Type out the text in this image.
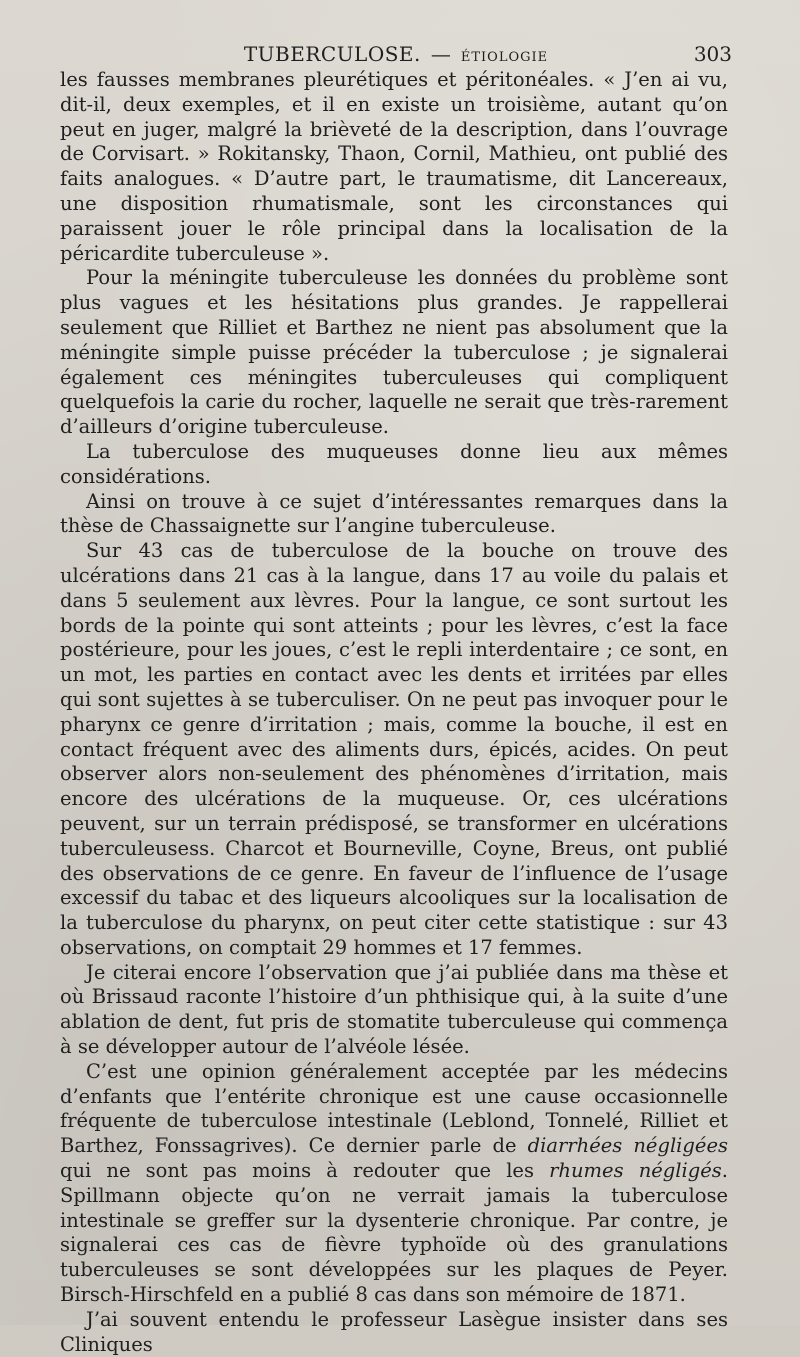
TUBERCULOSE. — ÉTIOLOGIE	303

les fausses membranes pleurétiques et péritonéales. « J’en ai vu, dit-il, deux exemples, et il en existe un troisième, autant qu’on peut en juger, malgré la brièveté de la description, dans l’ouvrage de Corvisart. » Rokitansky, Thaon, Cornil, Mathieu, ont publié des faits analogues. « D’autre part, le traumatisme, dit Lancereaux, une disposition rhumatismale, sont les circonstances qui paraissent jouer le rôle principal dans la localisation de la péricardite tuberculeuse ».

Pour la méningite tuberculeuse les données du problème sont plus vagues et les hésitations plus grandes. Je rappellerai seulement que Rilliet et Barthez ne nient pas absolument que la méningite simple puisse précéder la tuberculose ; je signalerai également ces méningites tuberculeuses qui compliquent quelquefois la carie du rocher, laquelle ne serait que très-rarement d’ailleurs d’origine tuberculeuse.

La tuberculose des muqueuses donne lieu aux mêmes considérations.

Ainsi on trouve à ce sujet d’intéressantes remarques dans la thèse de Chassaignette sur l’angine tuberculeuse.

Sur 43 cas de tuberculose de la bouche on trouve des ulcérations dans 21 cas à la langue, dans 17 au voile du palais et dans 5 seulement aux lèvres. Pour la langue, ce sont surtout les bords de la pointe qui sont atteints ; pour les lèvres, c’est la face postérieure, pour les joues, c’est le repli interdentaire ; ce sont, en un mot, les parties en contact avec les dents et irritées par elles qui sont sujettes à se tuberculiser. On ne peut pas invoquer pour le pharynx ce genre d’irritation ; mais, comme la bouche, il est en contact fréquent avec des aliments durs, épicés, acides. On peut observer alors non-seulement des phénomènes d’irritation, mais encore des ulcérations de la muqueuse. Or, ces ulcérations peuvent, sur un terrain prédisposé, se transformer en ulcérations tuberculeusess. Charcot et Bourneville, Coyne, Breus, ont publié des observations de ce genre. En faveur de l’influence de l’usage excessif du tabac et des liqueurs alcooliques sur la localisation de la tuberculose du pharynx, on peut citer cette statistique : sur 43 observations, on comptait 29 hommes et 17 femmes.

Je citerai encore l’observation que j’ai publiée dans ma thèse et où Brissaud raconte l’histoire d’un phthisique qui, à la suite d’une ablation de dent, fut pris de stomatite tuberculeuse qui commença à se développer autour de l’alvéole lésée.

C’est une opinion généralement acceptée par les médecins d’enfants que l’entérite chronique est une cause occasionnelle fréquente de tuberculose intestinale (Leblond, Tonnelé, Rilliet et Barthez, Fonssagrives). Ce dernier parle de diarrhées négligées qui ne sont pas moins à redouter que les rhumes négligés. Spillmann objecte qu’on ne verrait jamais la tuberculose intestinale se greffer sur la dysenterie chronique. Par contre, je signalerai ces cas de fièvre typhoïde où des granulations tuberculeuses se sont développées sur les plaques de Peyer. Birsch-Hirschfeld en a publié 8 cas dans son mémoire de 1871.

J’ai souvent entendu le professeur Lasègue insister dans ses Cliniques
